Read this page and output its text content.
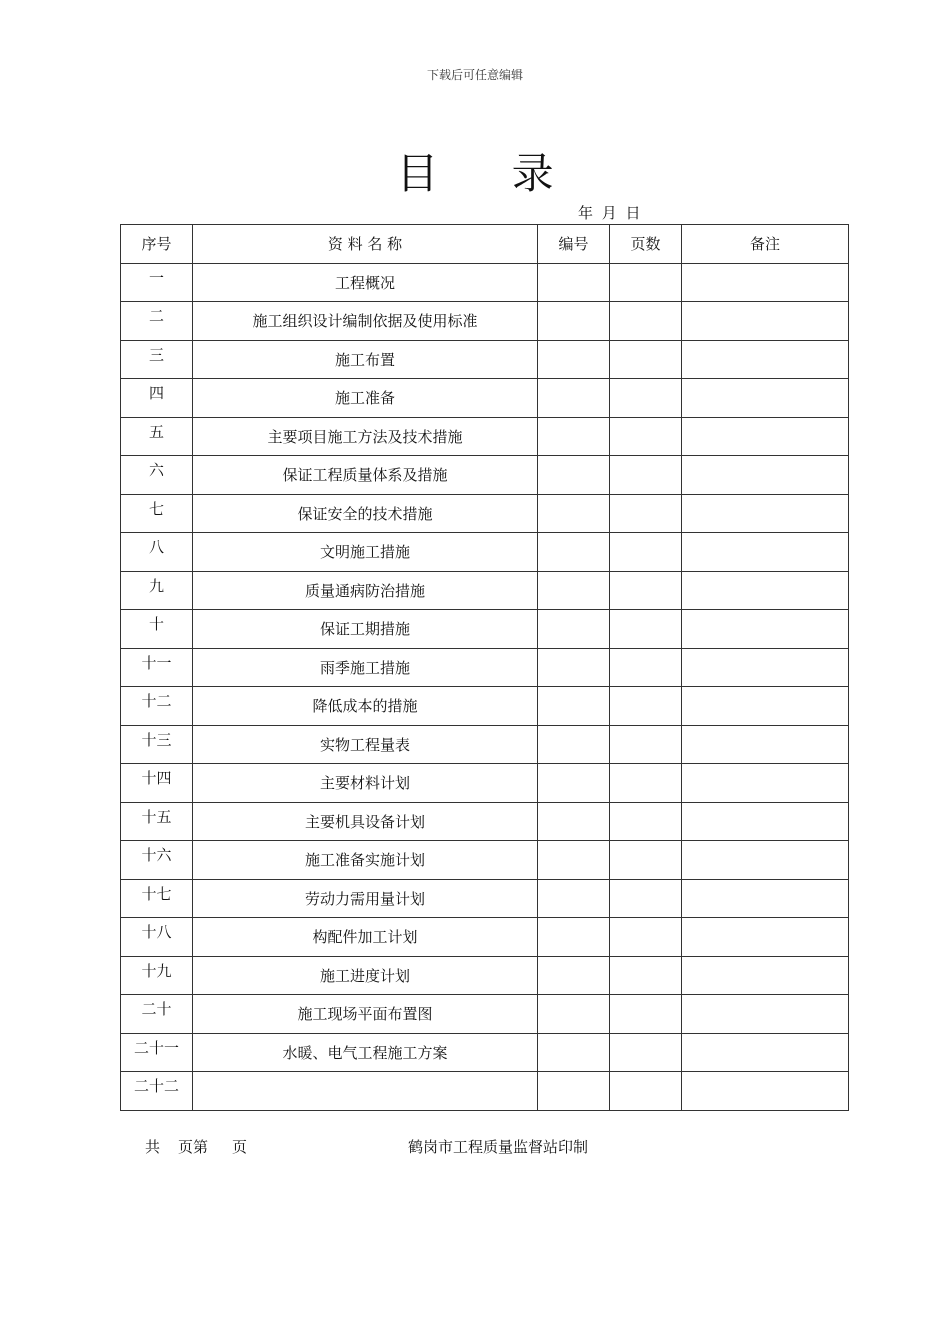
下载后可任意编辑
目 录
年 月 日
序号	资 料 名 称	编号	页数	备注
一	工程概况			
二	施工组织设计编制依据及使用标准			
三	施工布置			
四	施工准备			
五	主要项目施工方法及技术措施			
六	保证工程质量体系及措施			
七	保证安全的技术措施			
八	文明施工措施			
九	质量通病防治措施			
十	保证工期措施			
十一	雨季施工措施			
十二	降低成本的措施			
十三	实物工程量表			
十四	主要材料计划			
十五	主要机具设备计划			
十六	施工准备实施计划			
十七	劳动力需用量计划			
十八	构配件加工计划			
十九	施工进度计划			
二十	施工现场平面布置图			
二十一	水暖、电气工程施工方案			
二十二				
共 页第 页	鹤岗市工程质量监督站印制
